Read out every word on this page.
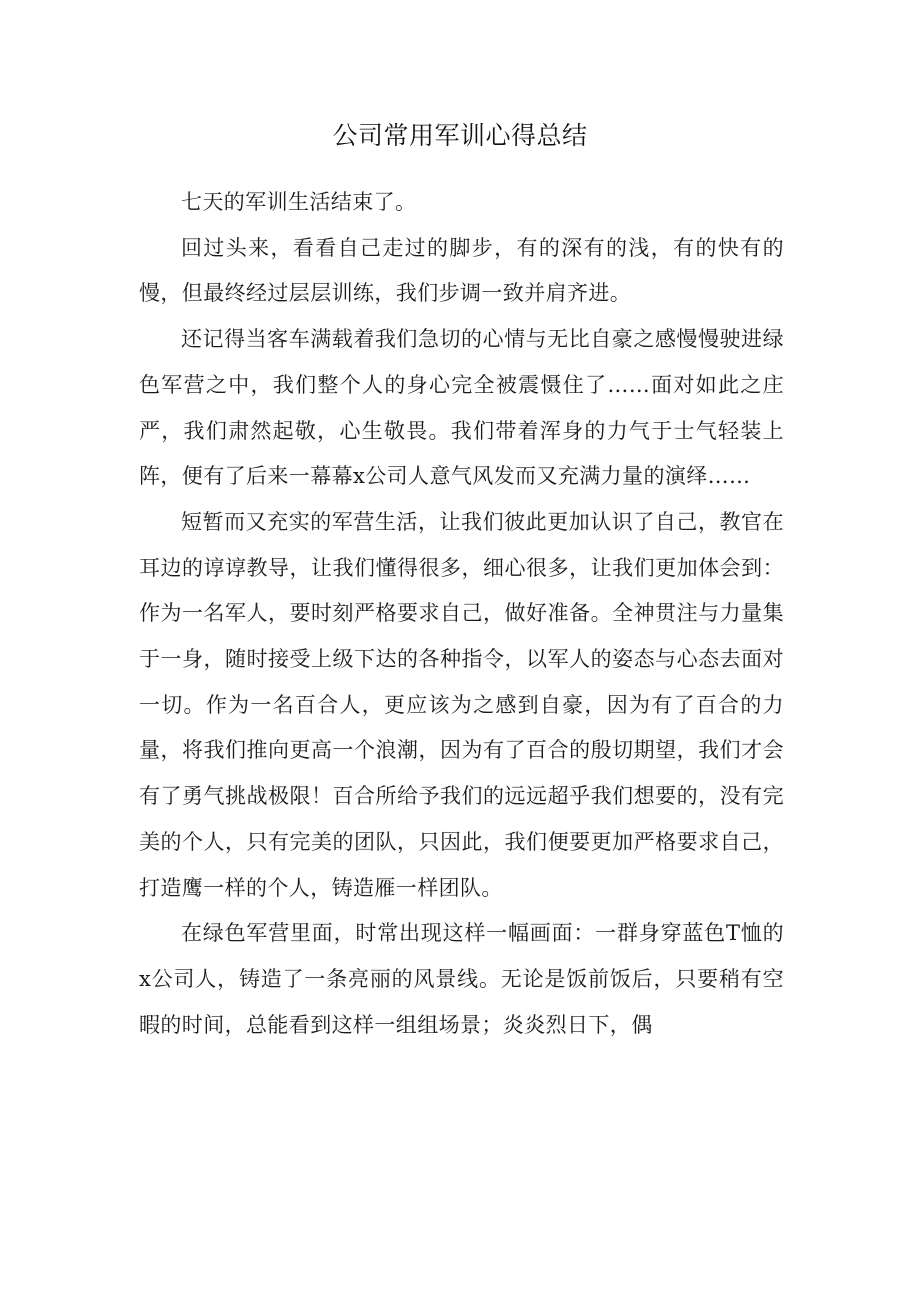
公司常用军训心得总结

七天的军训生活结束了。

回过头来，看看自己走过的脚步，有的深有的浅，有的快有的慢，但最终经过层层训练，我们步调一致并肩齐进。

还记得当客车满载着我们急切的心情与无比自豪之感慢慢驶进绿色军营之中，我们整个人的身心完全被震慑住了……面对如此之庄严，我们肃然起敬，心生敬畏。我们带着浑身的力气于士气轻装上阵，便有了后来一幕幕x公司人意气风发而又充满力量的演绎……

短暂而又充实的军营生活，让我们彼此更加认识了自己，教官在耳边的谆谆教导，让我们懂得很多，细心很多，让我们更加体会到：作为一名军人，要时刻严格要求自己，做好准备。全神贯注与力量集于一身，随时接受上级下达的各种指令，以军人的姿态与心态去面对一切。作为一名百合人，更应该为之感到自豪，因为有了百合的力量，将我们推向更高一个浪潮，因为有了百合的殷切期望，我们才会有了勇气挑战极限！百合所给予我们的远远超乎我们想要的，没有完美的个人，只有完美的团队，只因此，我们便要更加严格要求自己，打造鹰一样的个人，铸造雁一样团队。

在绿色军营里面，时常出现这样一幅画面：一群身穿蓝色T恤的x公司人，铸造了一条亮丽的风景线。无论是饭前饭后，只要稍有空暇的时间，总能看到这样一组组场景；炎炎烈日下，偶
